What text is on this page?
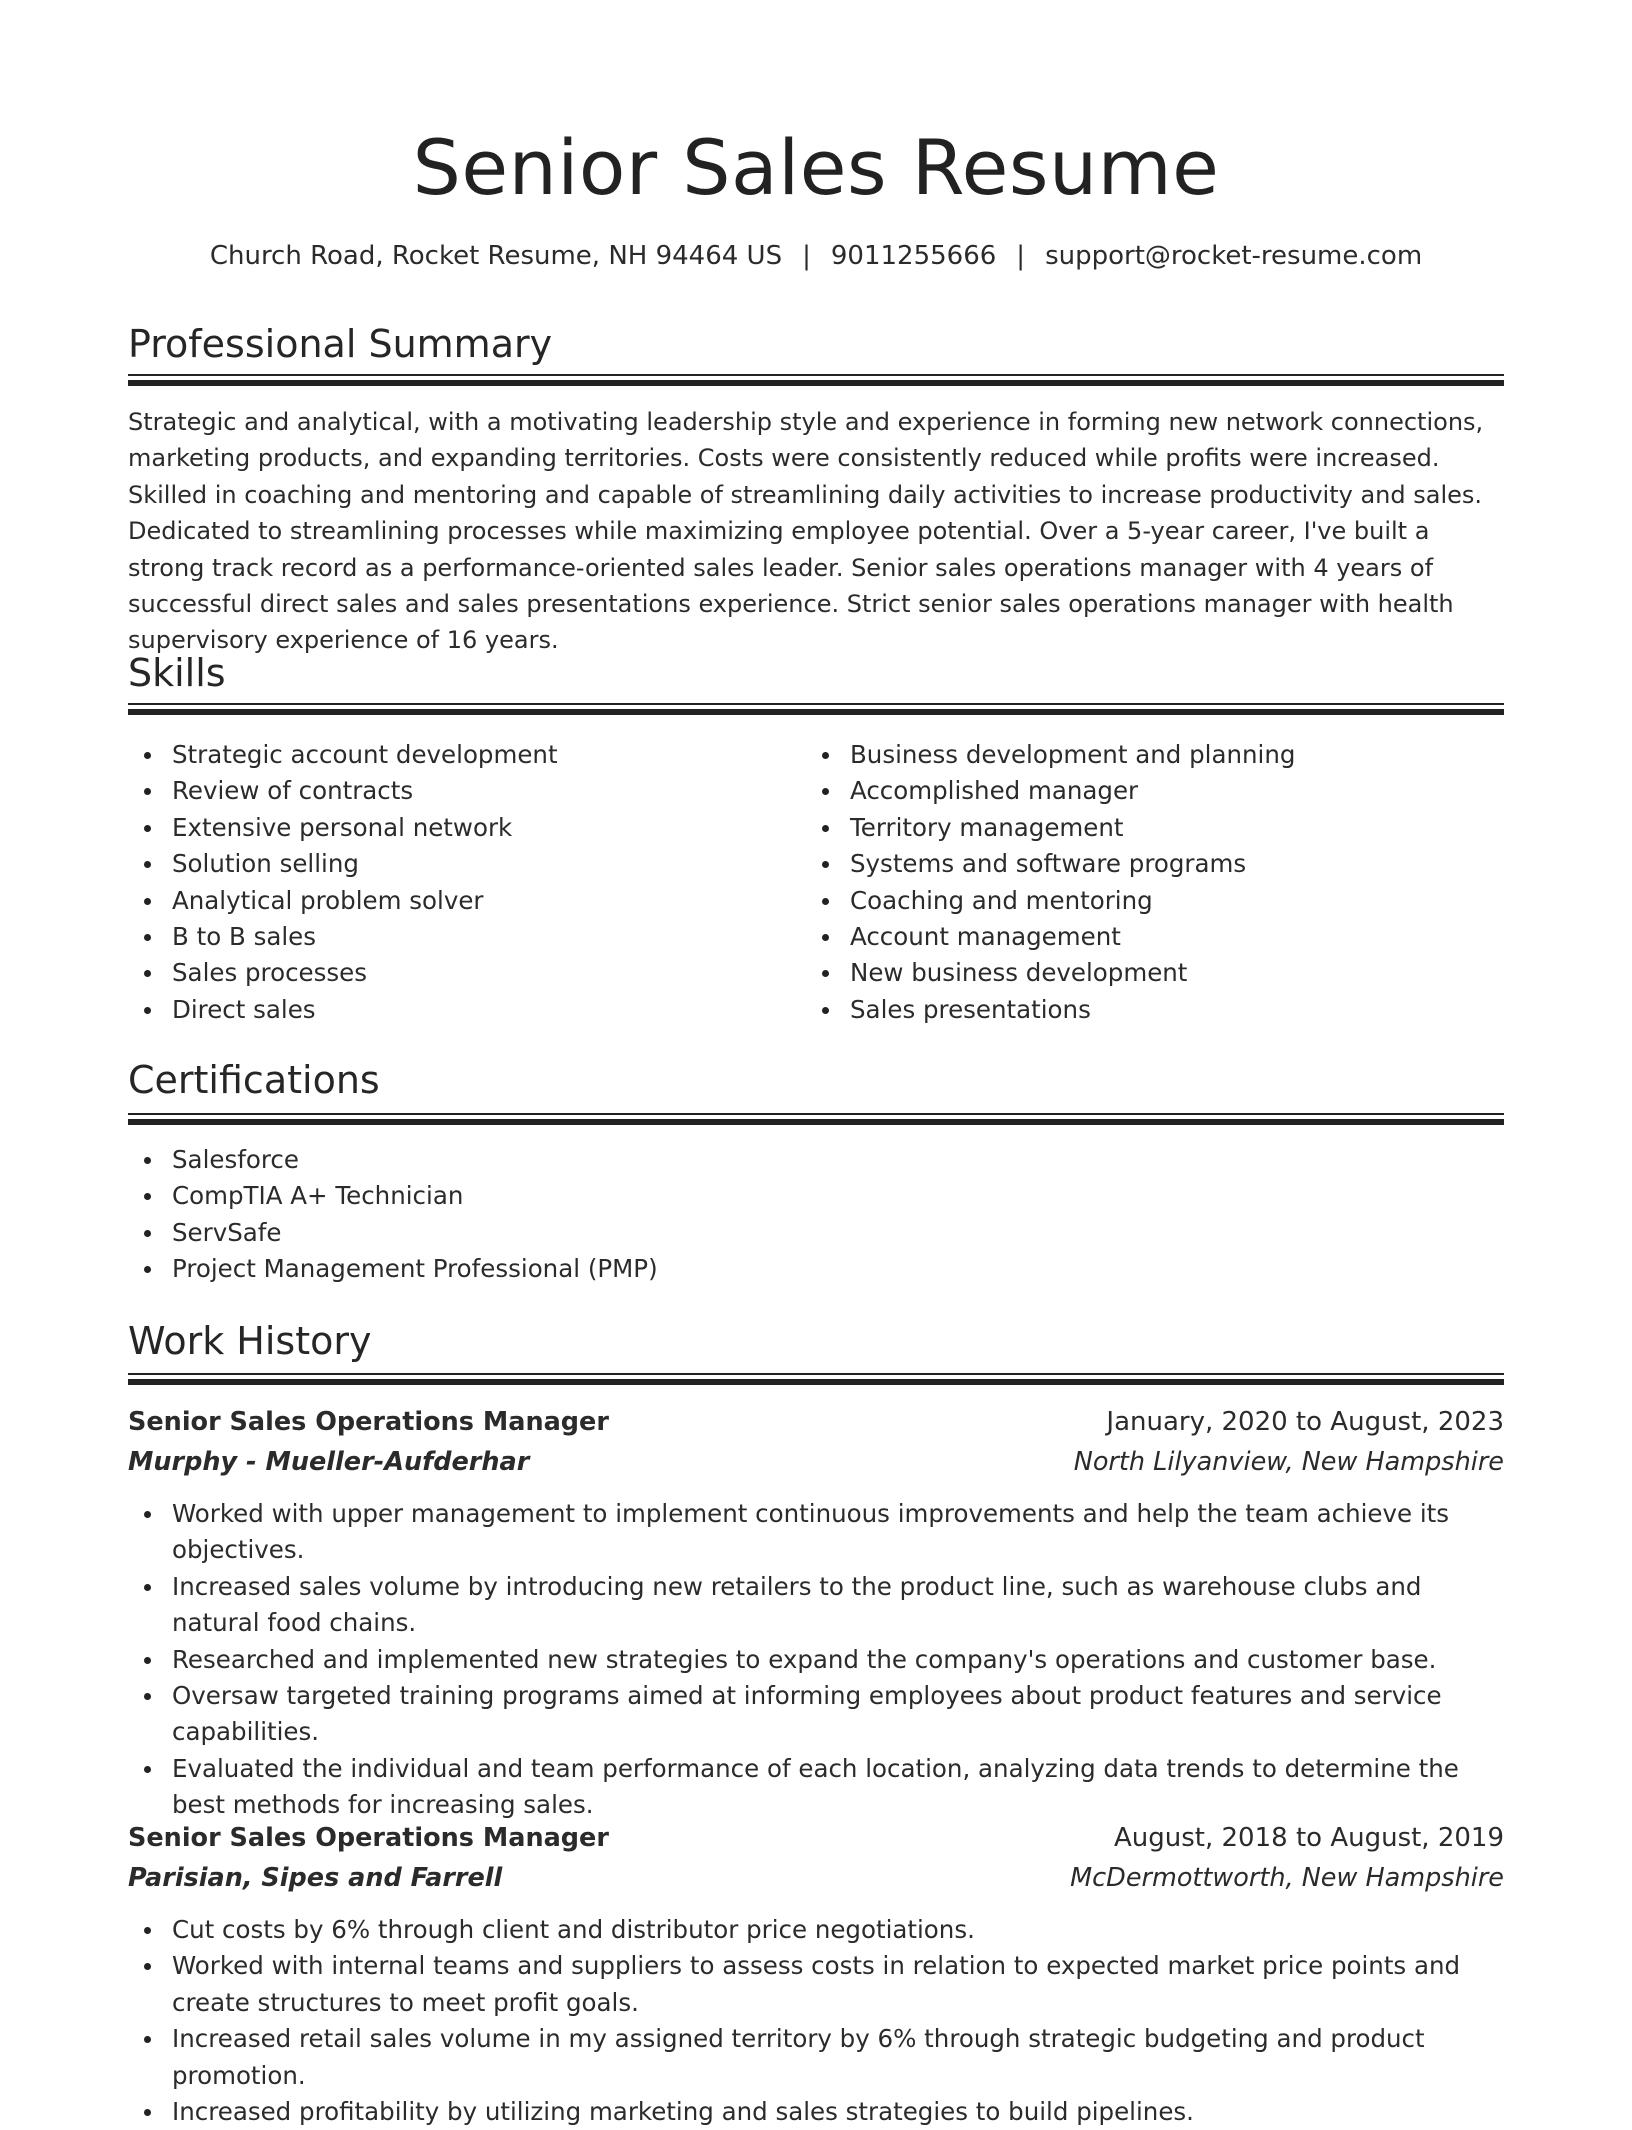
Senior Sales Resume
Church Road, Rocket Resume, NH 94464 US | 9011255666 | support@rocket-resume.com
Professional Summary
Strategic and analytical, with a motivating leadership style and experience in forming new network connections, marketing products, and expanding territories. Costs were consistently reduced while profits were increased. Skilled in coaching and mentoring and capable of streamlining daily activities to increase productivity and sales. Dedicated to streamlining processes while maximizing employee potential. Over a 5-year career, I've built a strong track record as a performance-oriented sales leader. Senior sales operations manager with 4 years of successful direct sales and sales presentations experience. Strict senior sales operations manager with health supervisory experience of 16 years.
Skills
Strategic account development
Review of contracts
Extensive personal network
Solution selling
Analytical problem solver
B to B sales
Sales processes
Direct sales
Business development and planning
Accomplished manager
Territory management
Systems and software programs
Coaching and mentoring
Account management
New business development
Sales presentations
Certifications
Salesforce
CompTIA A+ Technician
ServSafe
Project Management Professional (PMP)
Work History
Senior Sales Operations Manager	January, 2020 to August, 2023
Murphy - Mueller-Aufderhar	North Lilyanview, New Hampshire
Worked with upper management to implement continuous improvements and help the team achieve its objectives.
Increased sales volume by introducing new retailers to the product line, such as warehouse clubs and natural food chains.
Researched and implemented new strategies to expand the company's operations and customer base.
Oversaw targeted training programs aimed at informing employees about product features and service capabilities.
Evaluated the individual and team performance of each location, analyzing data trends to determine the best methods for increasing sales.
Senior Sales Operations Manager	August, 2018 to August, 2019
Parisian, Sipes and Farrell	McDermottworth, New Hampshire
Cut costs by 6% through client and distributor price negotiations.
Worked with internal teams and suppliers to assess costs in relation to expected market price points and create structures to meet profit goals.
Increased retail sales volume in my assigned territory by 6% through strategic budgeting and product promotion.
Increased profitability by utilizing marketing and sales strategies to build pipelines.
